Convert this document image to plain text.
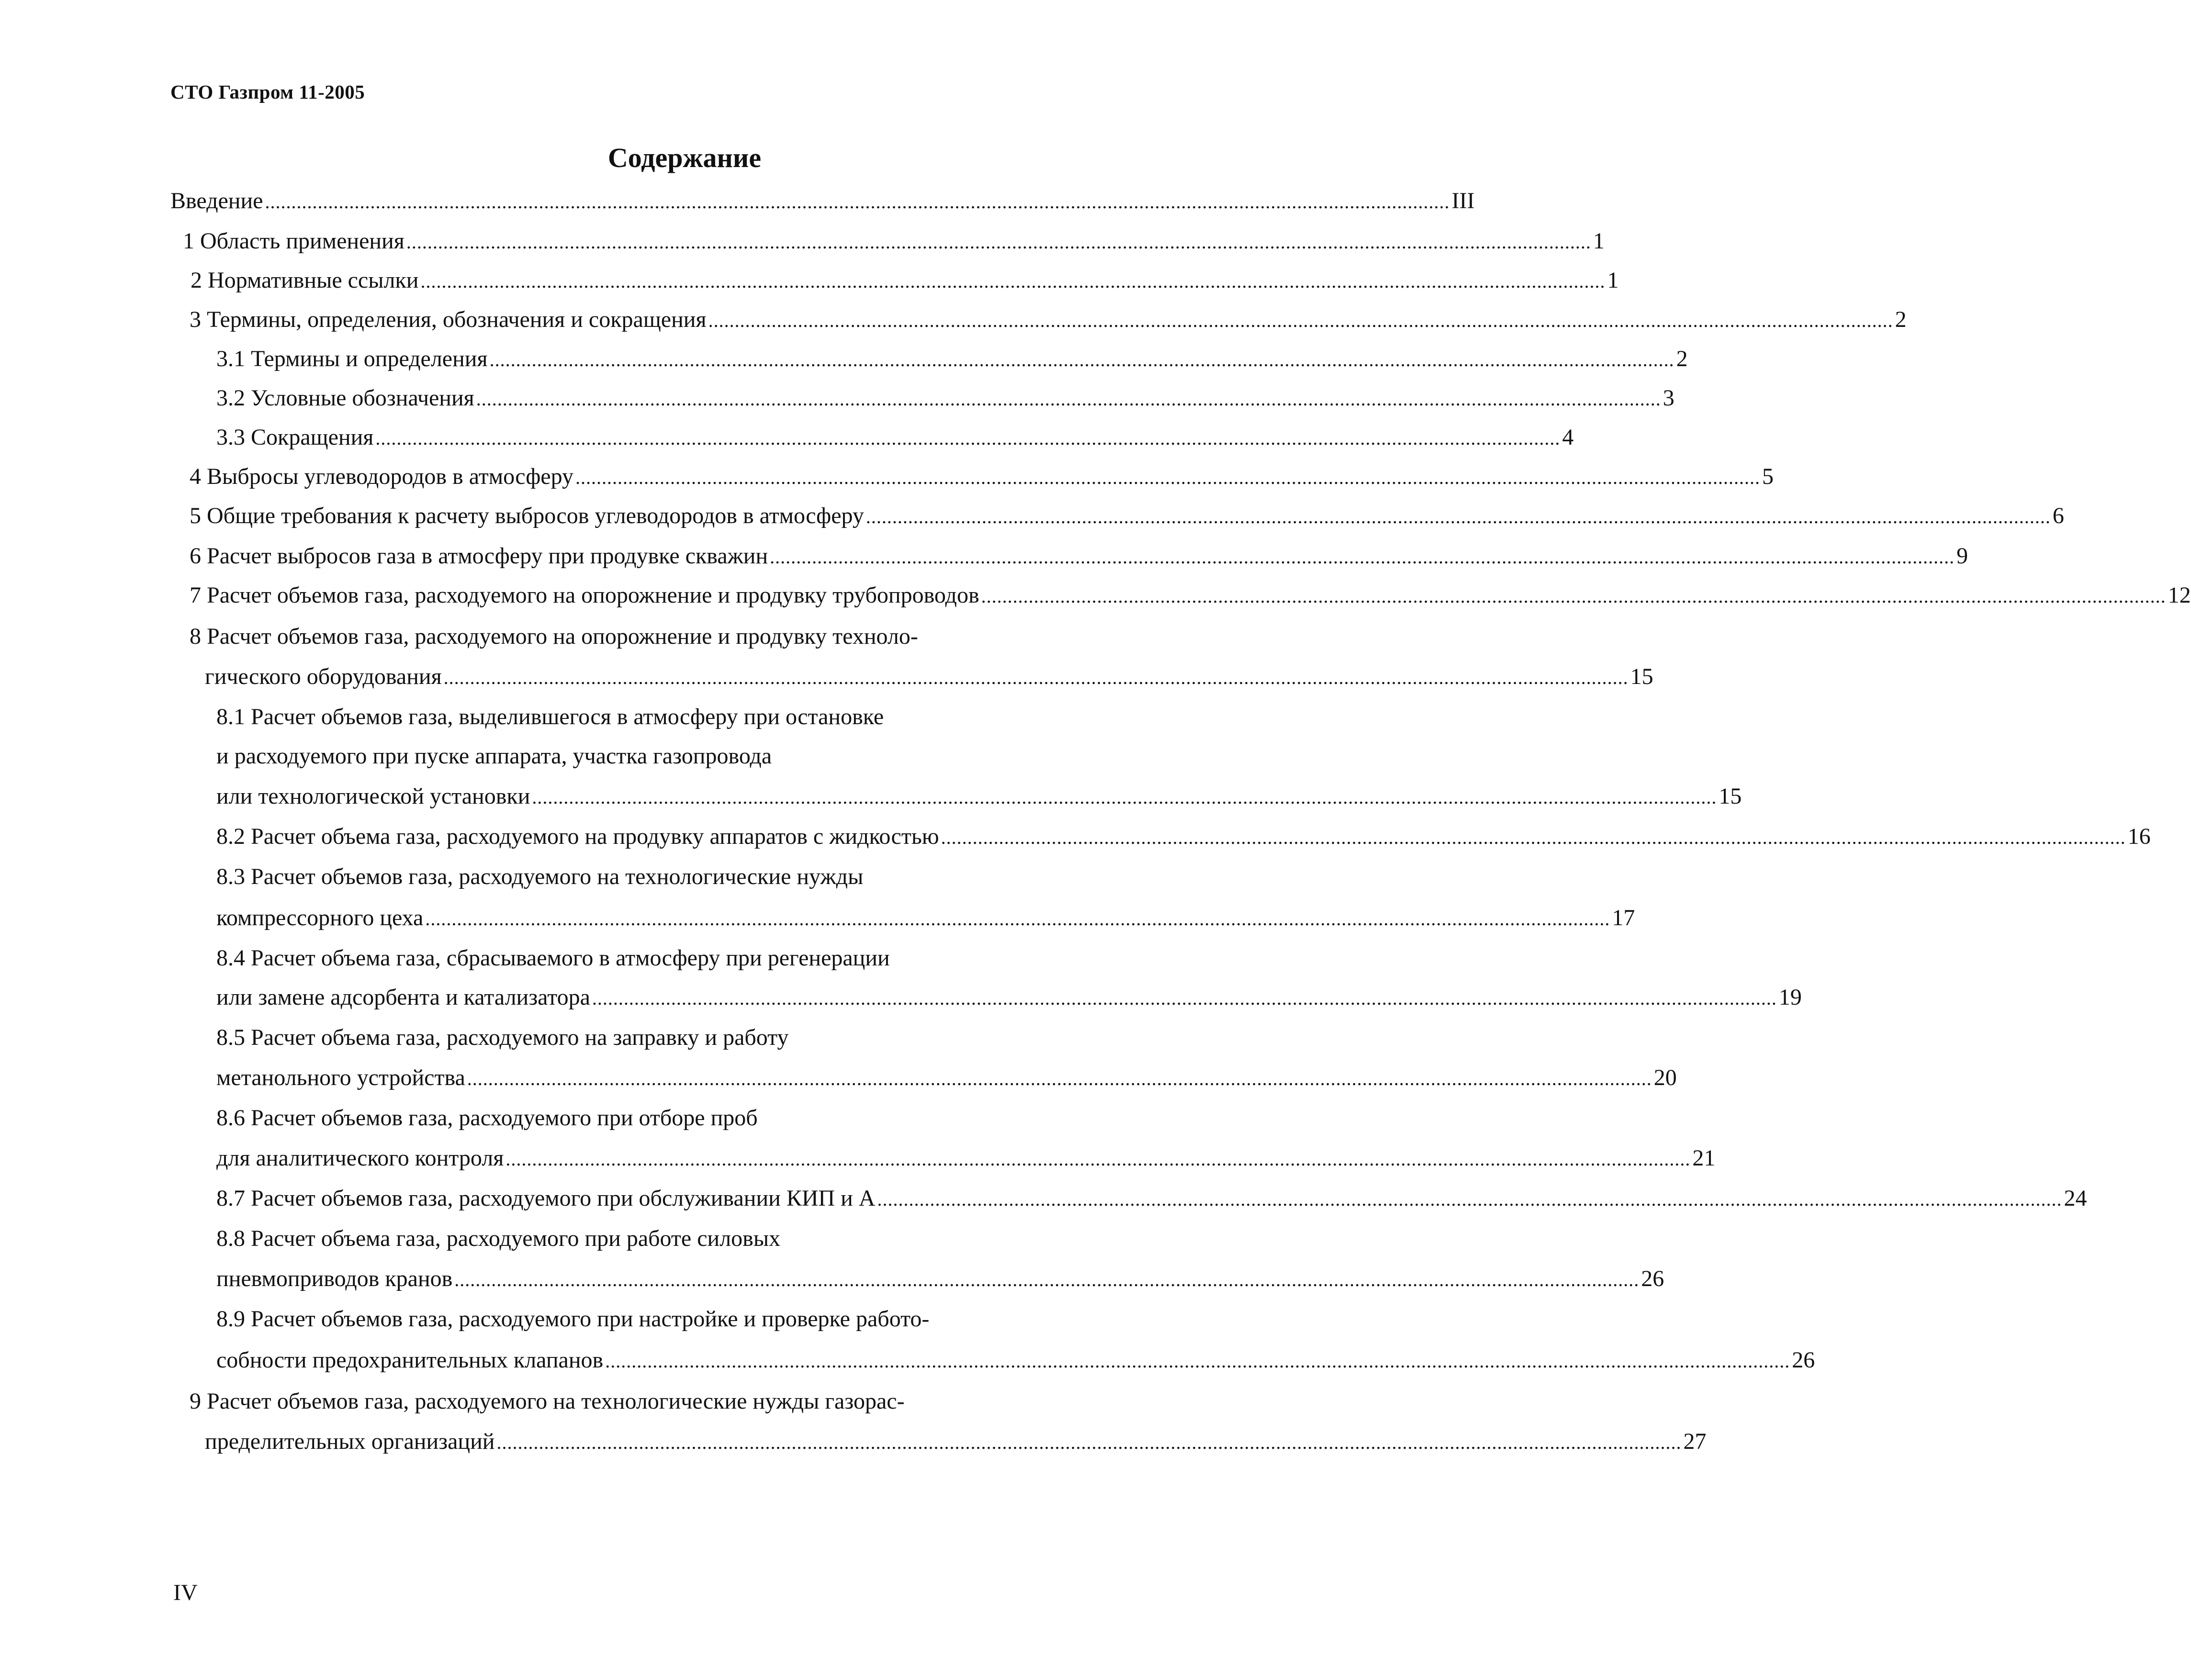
СТО Газпром 11-2005
Содержание
Введение ................................................................................................................................................................................................................................. III
1 Область применения ................................................................................................................................................................................................................................. 1
2 Нормативные ссылки ................................................................................................................................................................................................................................. 1
3 Термины, определения, обозначения и сокращения ................................................................................................................................................................................................................................. 2
3.1 Термины и определения ................................................................................................................................................................................................................................. 2
3.2 Условные обозначения ................................................................................................................................................................................................................................. 3
3.3 Сокращения ................................................................................................................................................................................................................................. 4
4 Выбросы углеводородов в атмосферу ................................................................................................................................................................................................................................. 5
5 Общие требования к расчету выбросов углеводородов в атмосферу ................................................................................................................................................................................................................................. 6
6 Расчет выбросов газа в атмосферу при продувке скважин ................................................................................................................................................................................................................................. 9
7 Расчет объемов газа, расходуемого на опорожнение и продувку трубопроводов ................................................................................................................................................................................................................................. 12
8 Расчет объемов газа, расходуемого на опорожнение и продувку техноло-
гического оборудования ................................................................................................................................................................................................................................. 15
8.1 Расчет объемов газа, выделившегося в атмосферу при остановке
и расходуемого при пуске аппарата, участка газопровода
или технологической установки ................................................................................................................................................................................................................................. 15
8.2 Расчет объема газа, расходуемого на продувку аппаратов с жидкостью ................................................................................................................................................................................................................................. 16
8.3 Расчет объемов газа, расходуемого на технологические нужды
компрессорного цеха ................................................................................................................................................................................................................................. 17
8.4 Расчет объема газа, сбрасываемого в атмосферу при регенерации
или замене адсорбента и катализатора ................................................................................................................................................................................................................................. 19
8.5 Расчет объема газа, расходуемого на заправку и работу
метанольного устройства ................................................................................................................................................................................................................................. 20
8.6 Расчет объемов газа, расходуемого при отборе проб
для аналитического контроля ................................................................................................................................................................................................................................. 21
8.7 Расчет объемов газа, расходуемого при обслуживании КИП и А ................................................................................................................................................................................................................................. 24
8.8 Расчет объема газа, расходуемого при работе силовых
пневмоприводов кранов ................................................................................................................................................................................................................................. 26
8.9 Расчет объемов газа, расходуемого при настройке и проверке работо-
собности предохранительных клапанов ................................................................................................................................................................................................................................. 26
9 Расчет объемов газа, расходуемого на технологические нужды газорас-
пределительных организаций ................................................................................................................................................................................................................................. 27
IV
